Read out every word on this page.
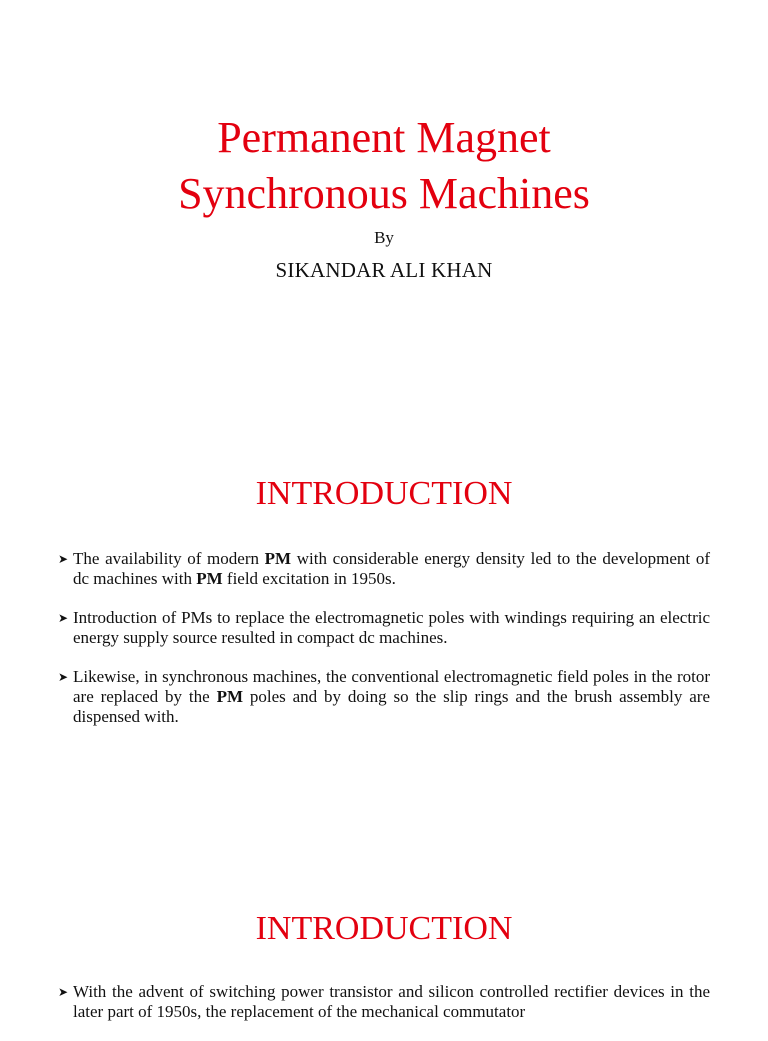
Permanent Magnet
Synchronous Machines
By
SIKANDAR ALI KHAN
INTRODUCTION
➤ The availability of modern PM with considerable energy density led to the development of dc machines with PM field excitation in 1950s.
➤ Introduction of PMs to replace the electromagnetic poles with windings requiring an electric energy supply source resulted in compact dc machines.
➤ Likewise, in synchronous machines, the conventional electromagnetic field poles in the rotor are replaced by the PM poles and by doing so the slip rings and the brush assembly are dispensed with.
INTRODUCTION
➤ With the advent of switching power transistor and silicon controlled rectifier devices in the later part of 1950s, the replacement of the mechanical commutator
